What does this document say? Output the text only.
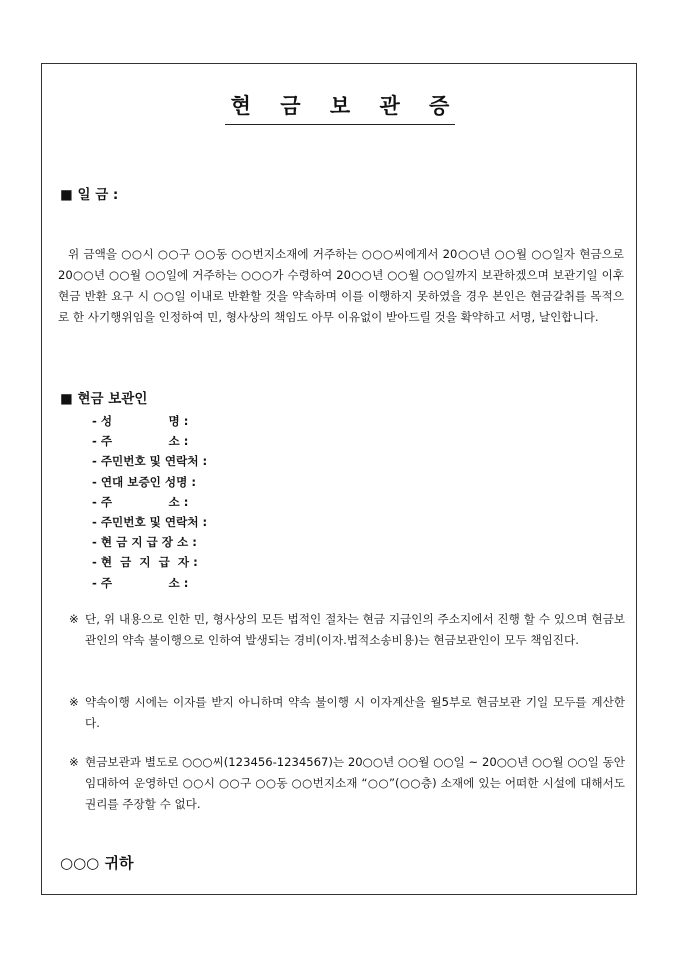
현 금 보 관 증
■ 일 금 :
위 금액을 ○○시 ○○구 ○○동 ○○번지소재에 거주하는 ○○○씨에게서 20○○년 ○○월 ○○일자 현금으로 20○○년 ○○월 ○○일에 거주하는 ○○○가 수령하여 20○○년 ○○월 ○○일까지 보관하겠으며 보관기일 이후 현금 반환 요구 시 ○○일 이내로 반환할 것을 약속하며 이를 이행하지 못하였을 경우 본인은 현금갈취를 목적으로 한 사기행위임을 인정하여 민, 형사상의 책임도 아무 이유없이 받아드릴 것을 확약하고 서명, 날인합니다.
■ 현금 보관인
- 성              명 :
- 주              소 :
- 주민번호 및 연락처 :
- 연대 보증인 성명 :
- 주              소 :
- 주민번호 및 연락처 :
- 현 금 지 급 장 소 :
- 현  금  지  급  자 :
- 주              소 :
※ 단, 위 내용으로 인한 민, 형사상의 모든 법적인 절차는 현금 지급인의 주소지에서 진행 할 수 있으며 현금보관인의 약속 불이행으로 인하여 발생되는 경비(이자.법적소송비용)는 현금보관인이 모두 책임진다.
※ 약속이행 시에는 이자를 받지 아니하며 약속 불이행 시 이자계산을 월5부로 현금보관 기일 모두를 계산한다.
※ 현금보관과 별도로 ○○○씨(123456-1234567)는 20○○년 ○○월 ○○일 ~ 20○○년 ○○월 ○○일 동안 임대하여 운영하던 ○○시 ○○구 ○○동 ○○번지소재 “○○”(○○층) 소재에 있는 어떠한 시설에 대해서도 권리를 주장할 수 없다.
○○○ 귀하
